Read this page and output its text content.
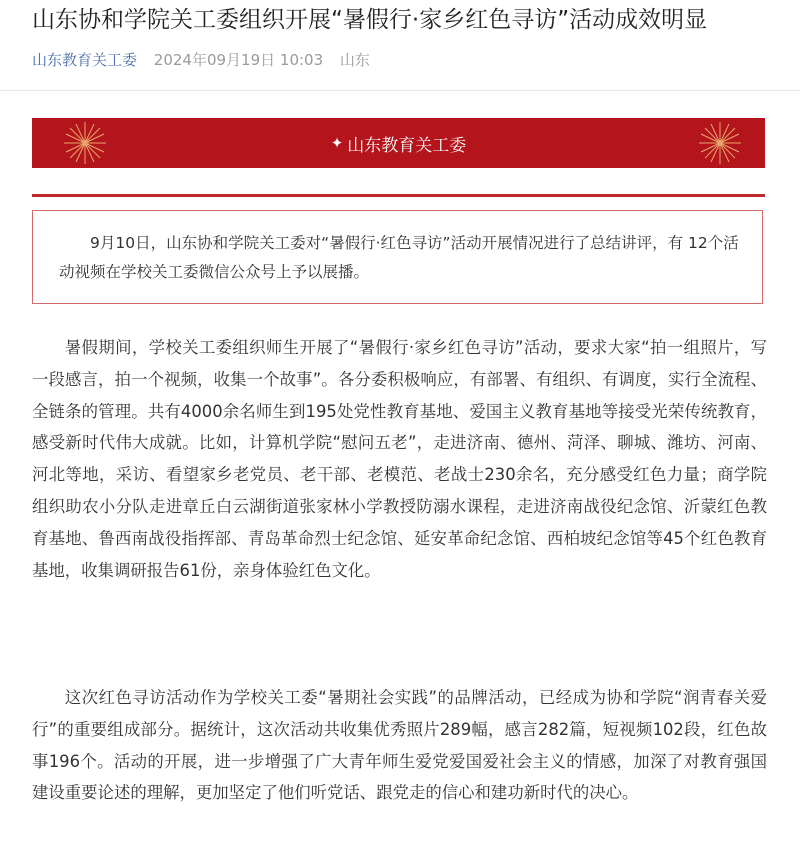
山东协和学院关工委组织开展“暑假行·家乡红色寻访”活动成效明显
山东教育关工委 2024年09月19日 10:03 山东
✦ 山东教育关工委

9月10日，山东协和学院关工委对“暑假行·红色寻访”活动开展情况进行了总结讲评，有 12个活动视频在学校关工委微信公众号上予以展播。

暑假期间，学校关工委组织师生开展了“暑假行·家乡红色寻访”活动，要求大家“拍一组照片，写一段感言，拍一个视频，收集一个故事”。各分委积极响应，有部署、有组织、有调度，实行全流程、全链条的管理。共有4000余名师生到195处党性教育基地、爱国主义教育基地等接受光荣传统教育，感受新时代伟大成就。比如，计算机学院“慰问五老”，走进济南、德州、菏泽、聊城、潍坊、河南、河北等地，采访、看望家乡老党员、老干部、老模范、老战士230余名，充分感受红色力量；商学院组织助农小分队走进章丘白云湖街道张家林小学教授防溺水课程，走进济南战役纪念馆、沂蒙红色教育基地、鲁西南战役指挥部、青岛革命烈士纪念馆、延安革命纪念馆、西柏坡纪念馆等45个红色教育基地，收集调研报告61份，亲身体验红色文化。

这次红色寻访活动作为学校关工委“暑期社会实践”的品牌活动，已经成为协和学院“润青春关爱行”的重要组成部分。据统计，这次活动共收集优秀照片289幅，感言282篇，短视频102段，红色故事196个。活动的开展，进一步增强了广大青年师生爱党爱国爱社会主义的情感，加深了对教育强国建设重要论述的理解，更加坚定了他们听党话、跟党走的信心和建功新时代的决心。
